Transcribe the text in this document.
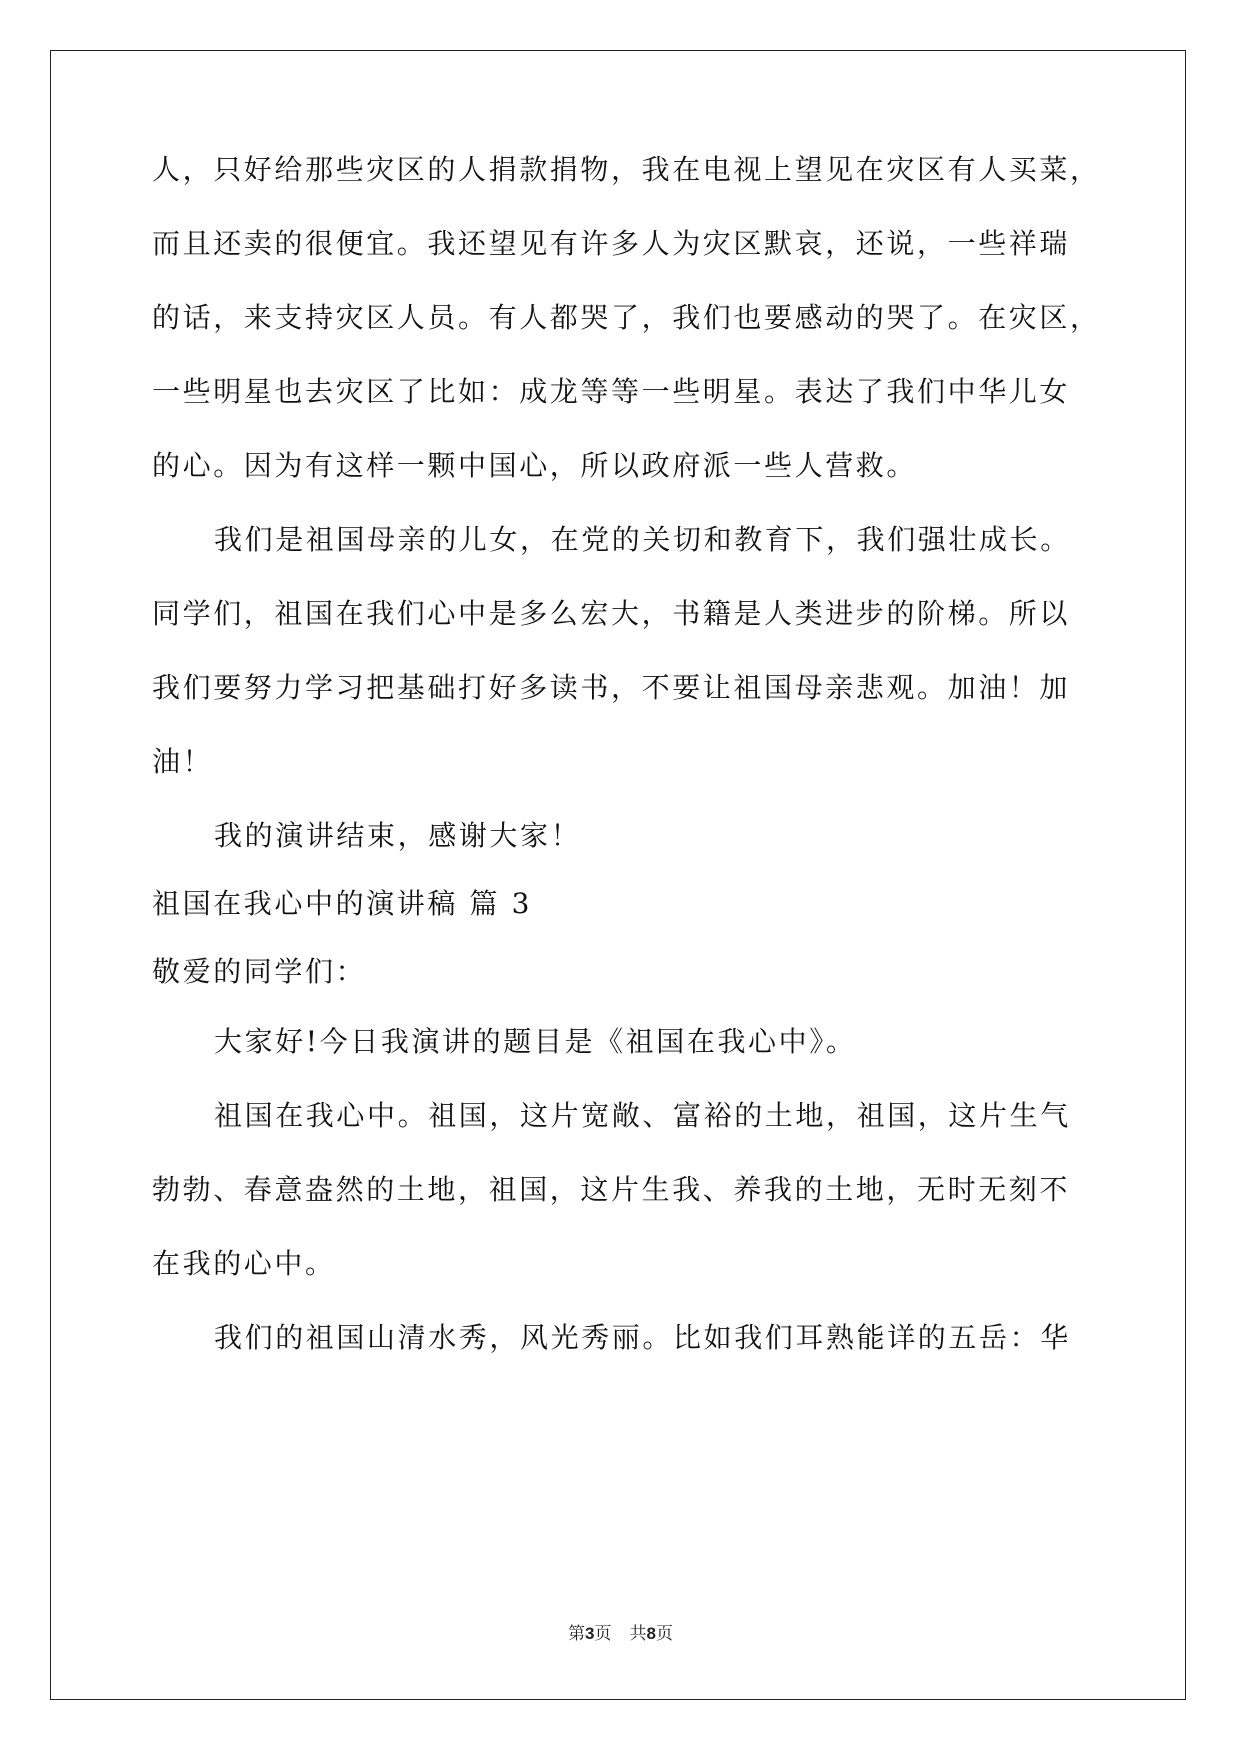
人，只好给那些灾区的人捐款捐物，我在电视上望见在灾区有人买菜，
而且还卖的很便宜。我还望见有许多人为灾区默哀，还说，一些祥瑞
的话，来支持灾区人员。有人都哭了，我们也要感动的哭了。在灾区，
一些明星也去灾区了比如：成龙等等一些明星。表达了我们中华儿女
的心。因为有这样一颗中国心，所以政府派一些人营救。
我们是祖国母亲的儿女，在党的关切和教育下，我们强壮成长。
同学们，祖国在我们心中是多么宏大，书籍是人类进步的阶梯。所以
我们要努力学习把基础打好多读书，不要让祖国母亲悲观。加油！加
油！
我的演讲结束，感谢大家！
祖国在我心中的演讲稿 篇 3
敬爱的同学们：
大家好!今日我演讲的题目是《祖国在我心中》。
祖国在我心中。祖国，这片宽敞、富裕的土地，祖国，这片生气
勃勃、春意盎然的土地，祖国，这片生我、养我的土地，无时无刻不
在我的心中。
我们的祖国山清水秀，风光秀丽。比如我们耳熟能详的五岳：华
第3页 共8页
